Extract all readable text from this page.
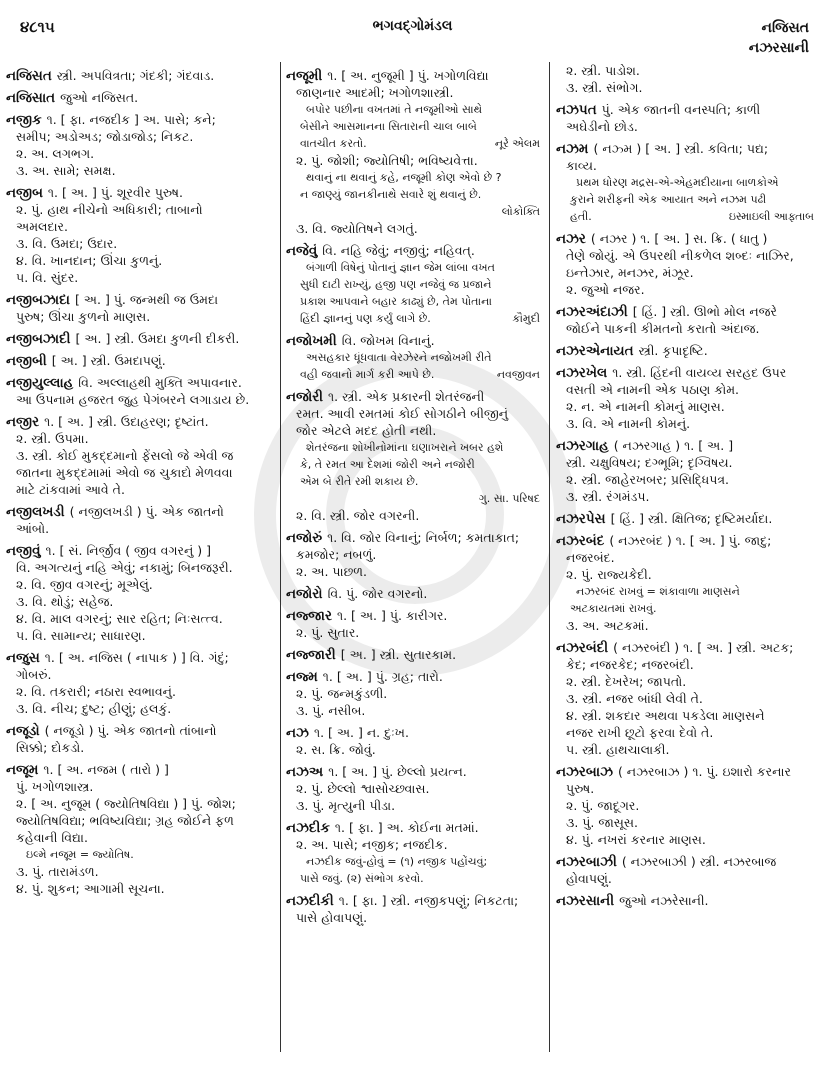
૪૮૧૫	ભગવદ્ગોમંડલ	નજિસત
નઝરસાની
નજિસત સ્ત્રી. અપવિત્રતા; ગંદકી; ગંદવાડ.
નજિસાત જુઓ નજિસત.
નજીક ૧. [ ફા. નજદીક ] અ. પાસે; કને;
સમીપ; અડોઅડ; જોડાજોડ; નિકટ.
૨. અ. લગભગ.
૩. અ. સામે; સમક્ષ.
નજીબ ૧. [ અ. ] પું. શૂરવીર પુરુષ.
૨. પું. હાથ નીચેનો અધિકારી; તાબાનો
અમલદાર.
૩. વિ. ઉમદા; ઉદાર.
૪. વિ. ખાનદાન; ઊંચા કુળનું.
૫. વિ. સુંદર.
નજીબઝાદા [ અ. ] પું. જન્મથી જ ઉમદા
પુરુષ; ઊંચા કુળનો માણસ.
નજીબઝાદી [ અ. ] સ્ત્રી. ઉમદા કુળની દીકરી.
નજીબી [ અ. ] સ્ત્રી. ઉમદાપણું.
નજીયુલ્લાહ વિ. અલ્લાહથી મુક્તિ અપાવનાર.
આ ઉપનામ હજરત જુહ પેગંબરને લગાડાય છે.
નજીર ૧. [ અ. ] સ્ત્રી. ઉદાહરણ; દૃષ્ટાંત.
૨. સ્ત્રી. ઉપમા.
૩. સ્ત્રી. કોઈ મુકદ્દમાનો ફેંસલો જે એવી જ
જાતના મુકદ્દમામાં એવો જ ચુકાદો મેળવવા
માટે ટાંકવામાં આવે તે.
નજીલખડી ( નજીલખડી ) પું. એક જાતનો
આંબો.
નજીવું ૧. [ સં. નિર્જીવ ( જીવ વગરનું ) ]
વિ. અગત્યનું નહિ એવું; નકામું; બિનજરૂરી.
૨. વિ. જીવ વગરનું; મૂએલું.
૩. વિ. થોડું; સહેજ.
૪. વિ. માલ વગરનું; સાર રહિત; નિઃસત્ત્વ.
૫. વિ. સામાન્ય; સાધારણ.
નજુસ ૧. [ અ. નજિસ ( નાપાક ) ] વિ. ગંદું;
ગોબરું.
૨. વિ. તકરારી; નઠારા સ્વભાવનું.
૩. વિ. નીચ; દુષ્ટ; હીણું; હલકું.
નજૂડો ( નજૂડો ) પું. એક જાતનો તાંબાનો
સિક્કો; દોકડો.
નજૂમ ૧. [ અ. નજમ ( તારો ) ]
પું. ખગોળશાસ્ત્ર.
૨. [ અ. નુજૂમ ( જ્યોતિષવિદ્યા ) ] પું. જોશ;
જ્યોતિષવિદ્યા; ભવિષ્યવિદ્યા; ગ્રહ જોઈને ફળ
કહેવાની વિદ્યા.
ઇલ્મે નજૂમ = જ્યોતિષ.
૩. પું. તારામંડળ.
૪. પું. શુકન; આગામી સૂચના.
નજૂમી ૧. [ અ. નુજૂમી ] પું. ખગોળવિદ્યા
જાણનાર આદમી; ખગોળશાસ્ત્રી.
બપોર પછીના વખતમાં તે નજૂમીઓ સાથે
બેસીને આસમાનના સિતારાની ચાલ બાબે
નૂરે એલમ
વાતચીત કરતો.
૨. પું. જોશી; જ્યોતિષી; ભવિષ્યવેત્તા.
થવાનું ના થવાનું કહે, નજૂમી કોણ એવો છે ?
ન જાણ્યું જાનકીનાથે સવારે શું થવાનું છે.
લોકોક્તિ
૩. વિ. જ્યોતિષને લગતું.
નજેવું વિ. નહિ જેવું; નજીવું; નહિવત્.
બંગાળી વિષેનું પોતાનું જ્ઞાન જેમ લાંબા વખત
સુધી દાટી રાખ્યું, હજી પણ નજેવું જ પ્રજાને
પ્રકાશ આપવાને બહાર કાઢ્યું છે, તેમ પોતાના
કૌમુદી
હિંદી જ્ઞાનનું પણ કર્યું લાગે છે.
નજોખમી વિ. જોખમ વિનાનું.
અસહકાર ધૂંધવાતા વેરઝેરને નજોખમી રીતે
નવજીવન
વહી જવાનો માર્ગ કરી આપે છે.
નજોરી ૧. સ્ત્રી. એક પ્રકારની શેતરંજની
રમત. આવી રમતમાં કોઈ સોગઠીને બીજીનું
જોર એટલે મદદ હોતી નથી.
શેતરંજના શોખીનોમાંના ઘણાખરાને ખબર હશે
કે, તે રમત આ દેશમાં જોરી અને નજોરી
એમ બે રીતે રમી શકાય છે.
ગુ. સા. પરિષદ
૨. વિ. સ્ત્રી. જોર વગરની.
નજોરું ૧. વિ. જોર વિનાનું; નિર્બળ; કમતાકાત;
કમજોર; નબળું.
૨. અ. પાછળ.
નજોરો વિ. પું. જોર વગરનો.
નજ્જાર ૧. [ અ. ] પું. કારીગર.
૨. પું. સુતાર.
નજ્જારી [ અ. ] સ્ત્રી. સુતારકામ.
નજ્મ ૧. [ અ. ] પું. ગ્રહ; તારો.
૨. પું. જન્મકુંડળી.
૩. પું. નસીબ.
નઝ ૧. [ અ. ] ન. દુઃખ.
૨. સ. ક્રિ. જોવું.
નઝઅ ૧. [ અ. ] પું. છેલ્લો પ્રયત્ન.
૨. પું. છેલ્લો શ્વાસોચ્છ્વાસ.
૩. પું. મૃત્યુની પીડા.
નઝદીક ૧. [ ફા. ] અ. કોઈના મતમાં.
૨. અ. પાસે; નજીક; નજદીક.
નઝદીક જવું-હોવું = (૧) નજીક પહોંચવું;
પાસે જવું. (૨) સંભોગ કરવો.
નઝદીકી ૧. [ ફા. ] સ્ત્રી. નજીકપણું; નિકટતા;
પાસે હોવાપણું.
૨. સ્ત્રી. પાડોશ.
૩. સ્ત્રી. સંભોગ.
નઝપત પું. એક જાતની વનસ્પતિ; કાળી
અઘેડીનો છોડ.
નઝમ ( નઝ્મ ) [ અ. ] સ્ત્રી. કવિતા; પદ્ય;
કાવ્ય.
પ્રથમ ધોરણ મદ્રસ-એ-એહમદીયાના બાળકોએ
કુરાને શરીફની એક આયાત અને નઝમ પઢી
ઇસ્માઇલી આફ્તાબ
હતી.
નઝર ( નઝર ) ૧. [ અ. ] સ. ક્રિ. ( ધાતુ )
તેણે જોયું. એ ઉપરથી નીકળેલ શબ્દઃ નાઝિર,
ઇન્તેઝાર, મનઝર, મંઝૂર.
૨. જુઓ નજર.
નઝરઅંદાઝી [ હિં. ] સ્ત્રી. ઊભો મોલ નજરે
જોઈને પાકની કીમતનો કરાતો અંદાજ.
નઝરએનાયત સ્ત્રી. કૃપાદૃષ્ટિ.
નઝરખેલ ૧. સ્ત્રી. હિંદની વાયવ્ય સરહદ ઉપર
વસતી એ નામની એક પઠાણ કોમ.
૨. ન. એ નામની કોમનું માણસ.
૩. વિ. એ નામની કોમનું.
નઝરગાહ ( નઝરગાહ ) ૧. [ અ. ]
સ્ત્રી. ચક્ષુવિષય; દગ્ભૂમિ; દૃગ્વિષય.
૨. સ્ત્રી. જાહેરખબર; પ્રસિદ્ધિપત્ર.
૩. સ્ત્રી. રંગમંડપ.
નઝરપેસ [ હિં. ] સ્ત્રી. ક્ષિતિજ; દૃષ્ટિમર્યાદા.
નઝરબંદ ( નઝરબંદ ) ૧. [ અ. ] પું. જાદુ;
નજરબંદ.
૨. પું. રાજ્યકેદી.
નઝરબંદ રાખવું = શંકાવાળા માણસને
અટકાયતમાં રાખવું.
૩. અ. અટકમાં.
નઝરબંદી ( નઝરબંદી ) ૧. [ અ. ] સ્ત્રી. અટક;
કેદ; નજરકેદ; નજરબંદી.
૨. સ્ત્રી. દેખરેખ; જાપતો.
૩. સ્ત્રી. નજર બાંધી લેવી તે.
૪. સ્ત્રી. શકદાર અથવા પકડેલા માણસને
નજર રાખી છૂટો ફરવા દેવો તે.
૫. સ્ત્રી. હાથચાલાકી.
નઝરબાઝ ( નઝરબાઝ ) ૧. પું. ઇશારો કરનાર
પુરુષ.
૨. પું. જાદૂગર.
૩. પું. જાસૂસ.
૪. પું. નખરાં કરનાર માણસ.
નઝરબાઝી ( નઝરબાઝી ) સ્ત્રી. નઝરબાજ
હોવાપણું.
નઝરસાની જુઓ નઝરેસાની.
